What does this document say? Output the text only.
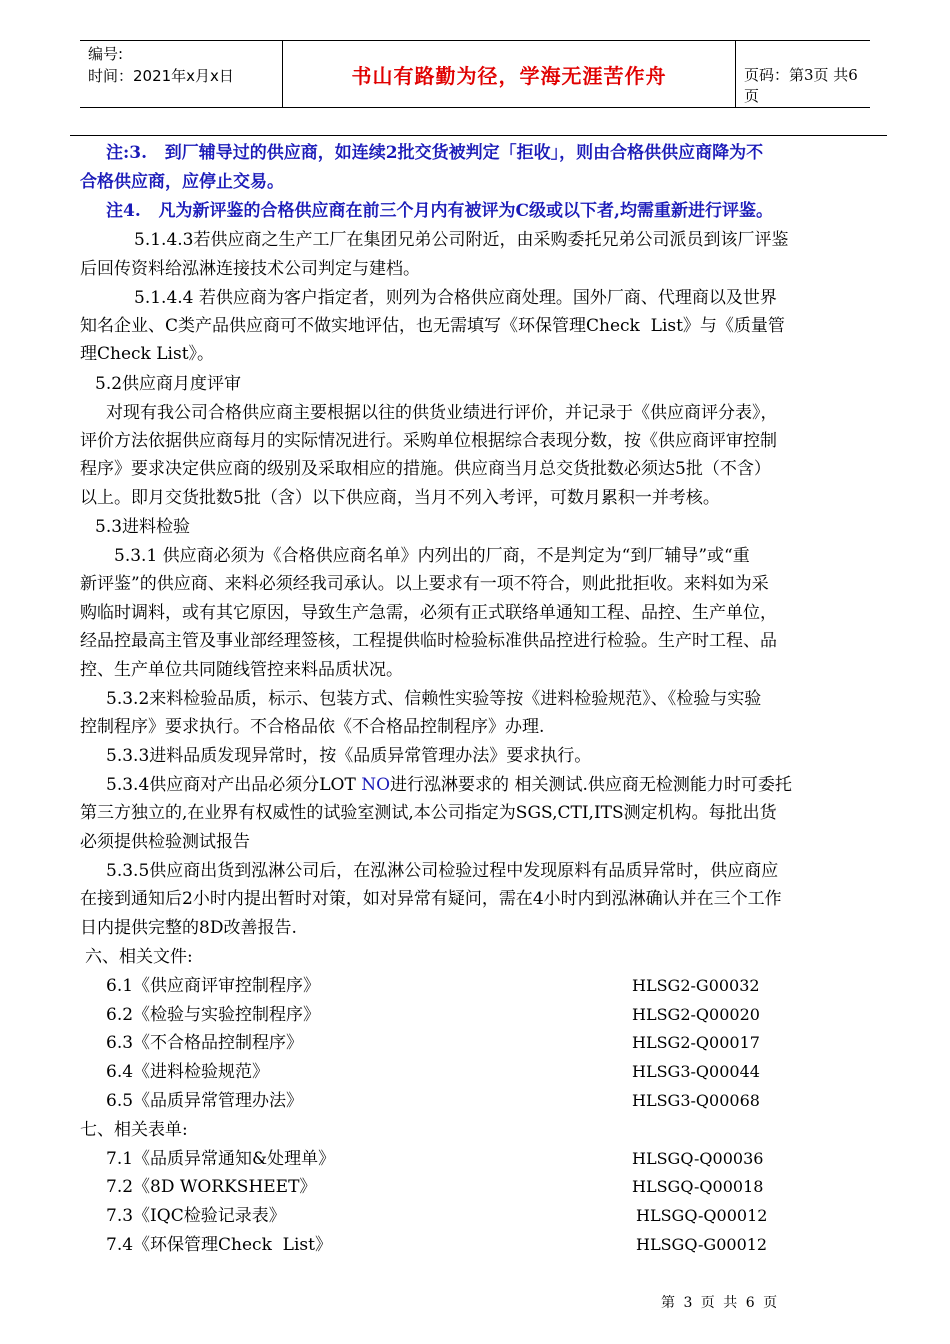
编号:
时间：2021年x月x日	书山有路勤为径，学海无涯苦作舟	页码：第3页 共6页
注:3.   到厂辅导过的供应商，如连续2批交货被判定「拒收」，则由合格供供应商降为不
合格供应商，应停止交易。
注4.   凡为新评鉴的合格供应商在前三个月内有被评为C级或以下者,均需重新进行评鉴。
5.1.4.3若供应商之生产工厂在集团兄弟公司附近，由采购委托兄弟公司派员到该厂评鉴
后回传资料给泓淋连接技术公司判定与建档。
5.1.4.4 若供应商为客户指定者，则列为合格供应商处理。国外厂商、代理商以及世界
知名企业、C类产品供应商可不做实地评估，也无需填写《环保管理Check  List》与《质量管
理Check List》。
5.2供应商月度评审
对现有我公司合格供应商主要根据以往的供货业绩进行评价，并记录于《供应商评分表》，
评价方法依据供应商每月的实际情况进行。采购单位根据综合表现分数，按《供应商评审控制
程序》要求决定供应商的级别及采取相应的措施。供应商当月总交货批数必须达5批（不含）
以上。即月交货批数5批（含）以下供应商，当月不列入考评，可数月累积一并考核。
5.3进料检验
5.3.1 供应商必须为《合格供应商名单》内列出的厂商，不是判定为“到厂辅导”或“重
新评鉴”的供应商、来料必须经我司承认。以上要求有一项不符合，则此批拒收。来料如为采
购临时调料，或有其它原因，导致生产急需，必须有正式联络单通知工程、品控、生产单位，
经品控最高主管及事业部经理签核，工程提供临时检验标准供品控进行检验。生产时工程、品
控、生产单位共同随线管控来料品质状况。
5.3.2来料检验品质，标示、包装方式、信赖性实验等按《进料检验规范》、《检验与实验
控制程序》要求执行。不合格品依《不合格品控制程序》办理.
5.3.3进料品质发现异常时，按《品质异常管理办法》要求执行。
5.3.4供应商对产出品必须分LOT NO进行泓淋要求的 相关测试.供应商无检测能力时可委托
第三方独立的,在业界有权威性的试验室测试,本公司指定为SGS,CTI,ITS测定机构。每批出货
必须提供检验测试报告
5.3.5供应商出货到泓淋公司后，在泓淋公司检验过程中发现原料有品质异常时，供应商应
在接到通知后2小时内提出暂时对策，如对异常有疑问，需在4小时内到泓淋确认并在三个工作
日内提供完整的8D改善报告.
六、相关文件:
6.1《供应商评审控制程序》	HLSG2-G00032
6.2《检验与实验控制程序》	HLSG2-Q00020
6.3《不合格品控制程序》	HLSG2-Q00017
6.4《进料检验规范》	HLSG3-Q00044
6.5《品质异常管理办法》	HLSG3-Q00068
七、相关表单:
7.1《品质异常通知&处理单》	HLSGQ-Q00036
7.2《8D WORKSHEET》	HLSGQ-Q00018
7.3《IQC检验记录表》	HLSGQ-Q00012
7.4《环保管理Check  List》	HLSGQ-G00012
第 3 页 共 6 页
